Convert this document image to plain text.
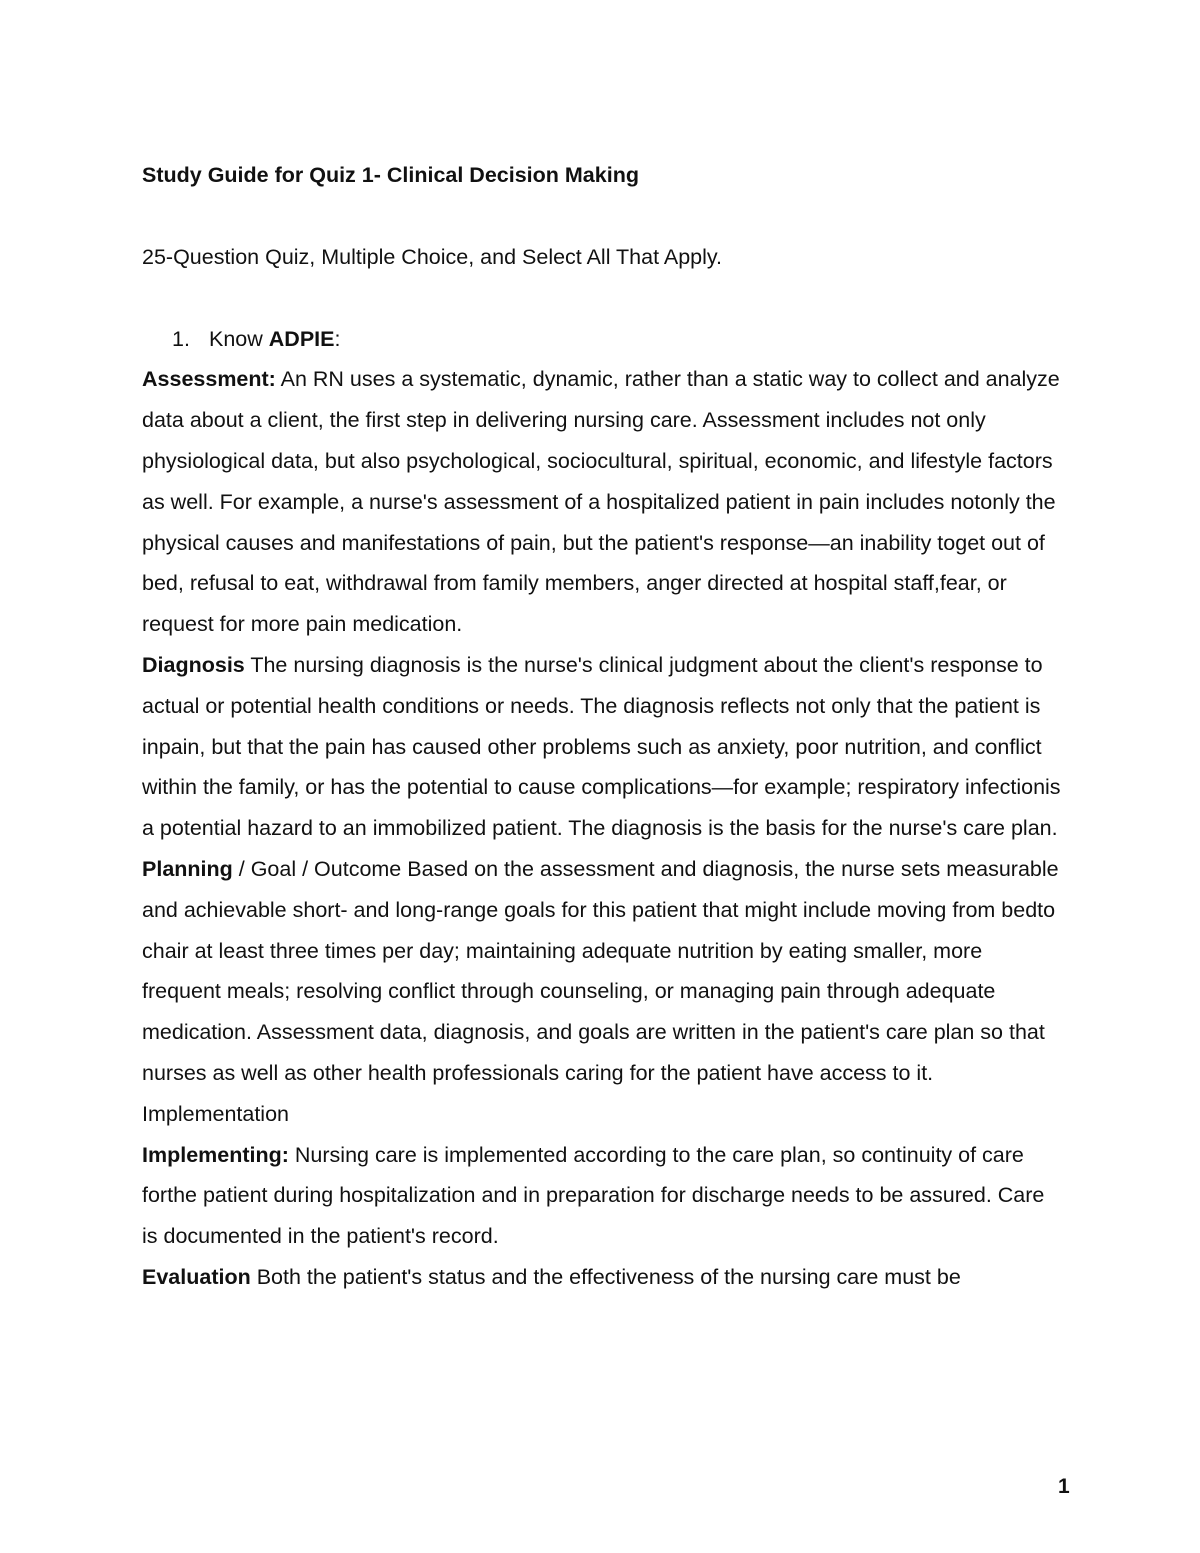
Study Guide for Quiz 1- Clinical Decision Making

25-Question Quiz, Multiple Choice, and Select All That Apply.

1. Know ADPIE:

Assessment: An RN uses a systematic, dynamic, rather than a static way to collect and analyze data about a client, the first step in delivering nursing care. Assessment includes not only physiological data, but also psychological, sociocultural, spiritual, economic, and lifestyle factors as well. For example, a nurse's assessment of a hospitalized patient in pain includes notonly the physical causes and manifestations of pain, but the patient's response—an inability toget out of bed, refusal to eat, withdrawal from family members, anger directed at hospital staff,fear, or request for more pain medication.

Diagnosis The nursing diagnosis is the nurse's clinical judgment about the client's response to actual or potential health conditions or needs. The diagnosis reflects not only that the patient is inpain, but that the pain has caused other problems such as anxiety, poor nutrition, and conflict within the family, or has the potential to cause complications—for example; respiratory infectionis a potential hazard to an immobilized patient. The diagnosis is the basis for the nurse's care plan.

Planning / Goal / Outcome Based on the assessment and diagnosis, the nurse sets measurable and achievable short- and long-range goals for this patient that might include moving from bedto chair at least three times per day; maintaining adequate nutrition by eating smaller, more frequent meals; resolving conflict through counseling, or managing pain through adequate medication. Assessment data, diagnosis, and goals are written in the patient's care plan so that nurses as well as other health professionals caring for the patient have access to it.

Implementation

Implementing: Nursing care is implemented according to the care plan, so continuity of care forthe patient during hospitalization and in preparation for discharge needs to be assured. Care is documented in the patient's record.

Evaluation Both the patient's status and the effectiveness of the nursing care must be

1
